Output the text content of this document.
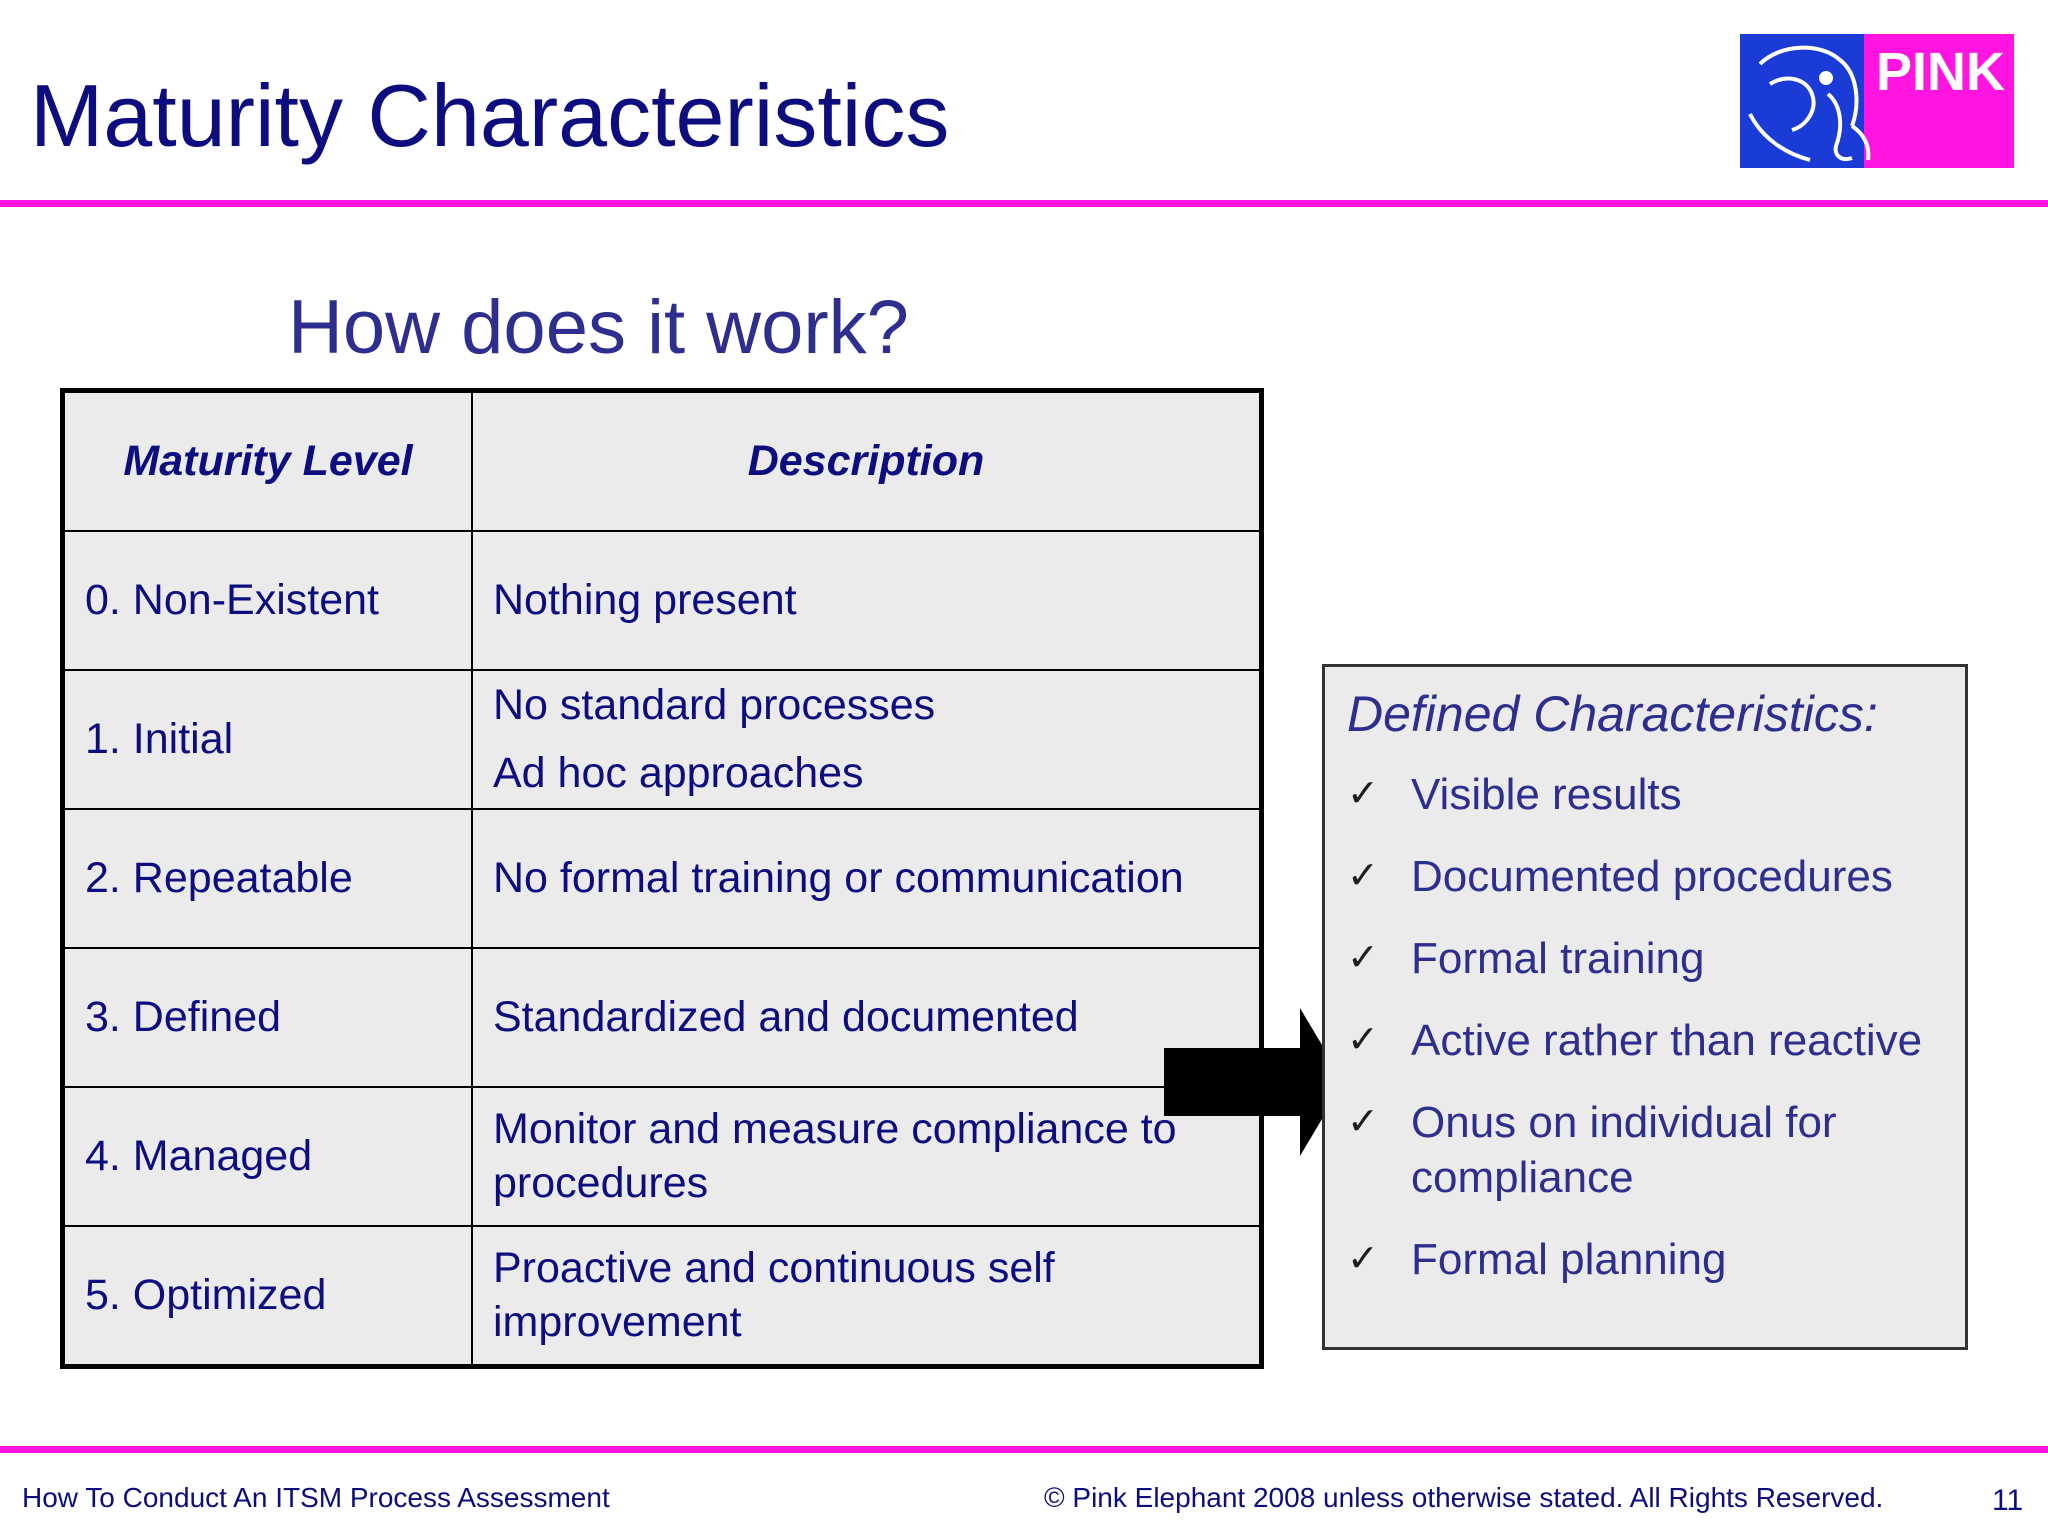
Maturity Characteristics	PINK
How does it work?
Maturity Level	Description
0. Non-Existent	Nothing present

1. Initial	No standard processes
Ad hoc approaches

2. Repeatable	No formal training or communication

3. Defined	Standardized and documented

4. Managed	Monitor and measure compliance to procedures

5. Optimized	Proactive and continuous self improvement
Defined Characteristics:
✓ Visible results
✓ Documented procedures
✓ Formal training
✓ Active rather than reactive
✓ Onus on individual for compliance
✓ Formal planning
How To Conduct An ITSM Process Assessment	© Pink Elephant 2008 unless otherwise stated. All Rights Reserved.	11
